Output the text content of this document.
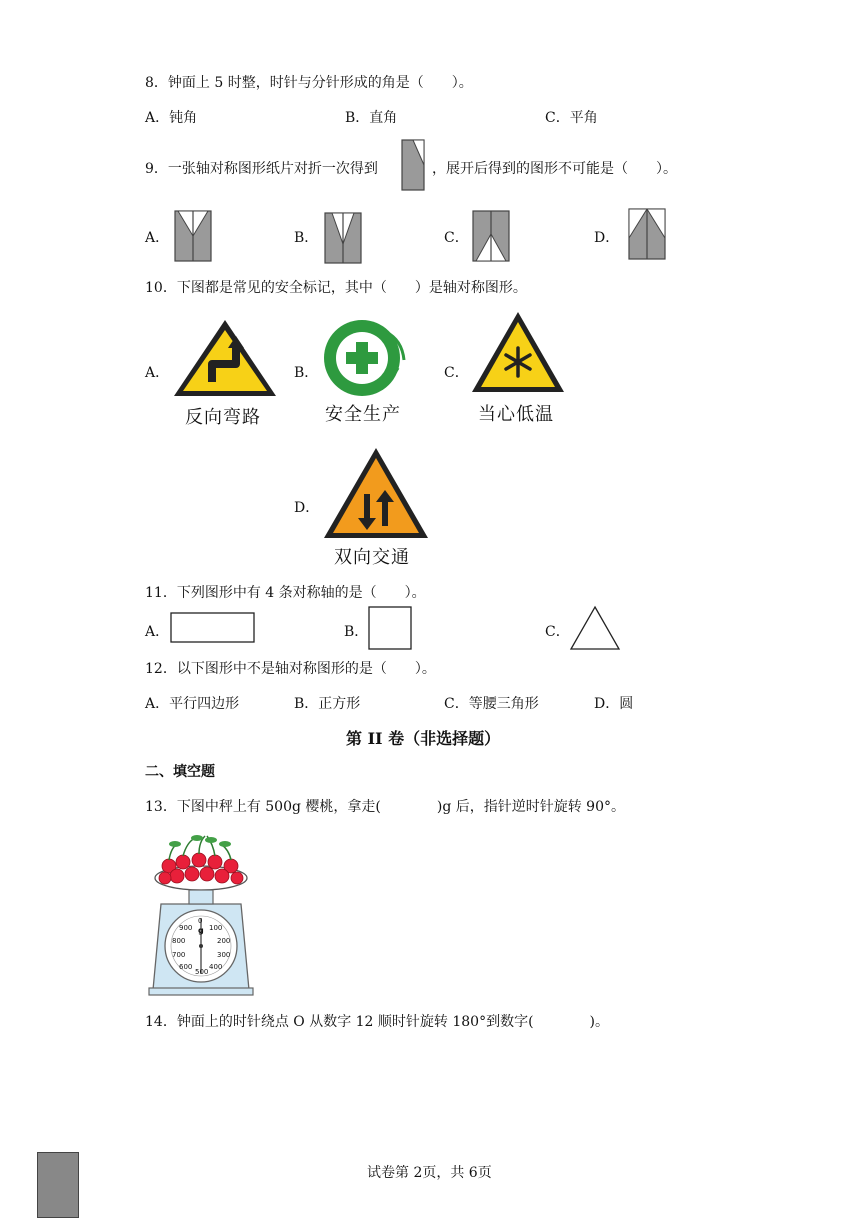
8．钟面上 5 时整，时针与分针形成的角是（　　）。
A．钝角	B．直角	C．平角
9．一张轴对称图形纸片对折一次得到	，展开后得到的图形不可能是（　　）。
A．	B．	C．	D．
10．下图都是常见的安全标记，其中（　　）是轴对称图形。
A．
反向弯路
B．
安全生产
C．
当心低温
D．
双向交通
11．下列图形中有 4 条对称轴的是（　　）。
A．	B．	C．
12．以下图形中不是轴对称图形的是（　　）。
A．平行四边形	B．正方形	C．等腰三角形	D．圆
第 II 卷（非选择题）
二、填空题
13．下图中秤上有 500g 樱桃，拿走(　　　　)g 后，指针逆时针旋转 90°。
0
g 100
200
300
400
500
600
700
800
900
14．钟面上的时针绕点 O 从数字 12 顺时针旋转 180°到数字(　　　　)。
试卷第 2页，共 6页
